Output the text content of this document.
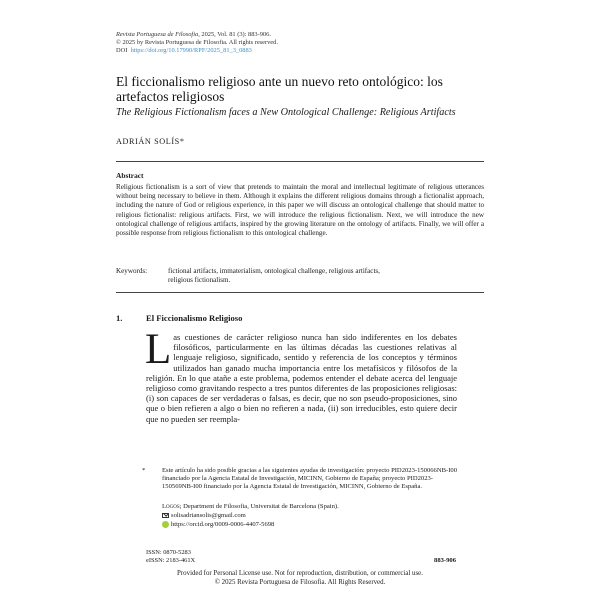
Revista Portuguesa de Filosofia, 2025, Vol. 81 (3): 883-906.
© 2025 by Revista Portuguesa de Filosofia. All rights reserved.
DOI https://doi.org/10.17990/RPF/2025_81_3_0883
El ficcionalismo religioso ante un nuevo reto ontológico: los artefactos religiosos
The Religious Fictionalism faces a New Ontological Challenge: Religious Artifacts
ADRIÁN SOLÍS*
Abstract
Religious fictionalism is a sort of view that pretends to maintain the moral and intellectual legitimate of religious utterances without being necessary to believe in them. Although it explains the different religious domains through a fictionalist approach, including the nature of God or religious experience, in this paper we will discuss an ontological challenge that should matter to religious fictionalist: religious artifacts. First, we will introduce the religious fictionalism. Next, we will introduce the new ontological challenge of religious artifacts, inspired by the growing literature on the ontology of artifacts. Finally, we will offer a possible response from religious fictionalism to this ontological challenge.
Keywords:	fictional artifacts, immaterialism, ontological challenge, religious artifacts,
religious fictionalism.
1.	El Ficcionalismo Religioso
Las cuestiones de carácter religioso nunca han sido indiferentes en los debates filosóficos, particularmente en las últimas décadas las cuestiones relativas al lenguaje religioso, significado, sentido y referencia de los conceptos y términos utilizados han ganado mucha importancia entre los metafísicos y filósofos de la religión. En lo que atañe a este problema, podemos entender el debate acerca del lenguaje religioso como gravitando respecto a tres puntos diferentes de las proposiciones religiosas: (i) son capaces de ser verdaderas o falsas, es decir, que no son pseudo-proposiciones, sino que o bien refieren a algo o bien no refieren a nada, (ii) son irreducibles, esto quiere decir que no pueden ser reempla-
*	Este artículo ha sido posible gracias a las siguientes ayudas de investigación: proyecto PID2023-150066NB-I00 financiado por la Agencia Estatal de Investigación, MICINN, Gobierno de España; proyecto PID2023-150569NB-I00 financiado por la Agencia Estatal de Investigación, MICINN, Gobierno de España.
Logos; Department de Filosofia, Universitat de Barcelona (Spain).
solisadriansolis@gmail.com
https://orcid.org/0009-0006-4407-5698
ISSN: 0870-5283
eISSN: 2183-461X	883-906
Provided for Personal License use. Not for reproduction, distribution, or commercial use.
© 2025 Revista Portuguesa de Filosofia. All Rights Reserved.
